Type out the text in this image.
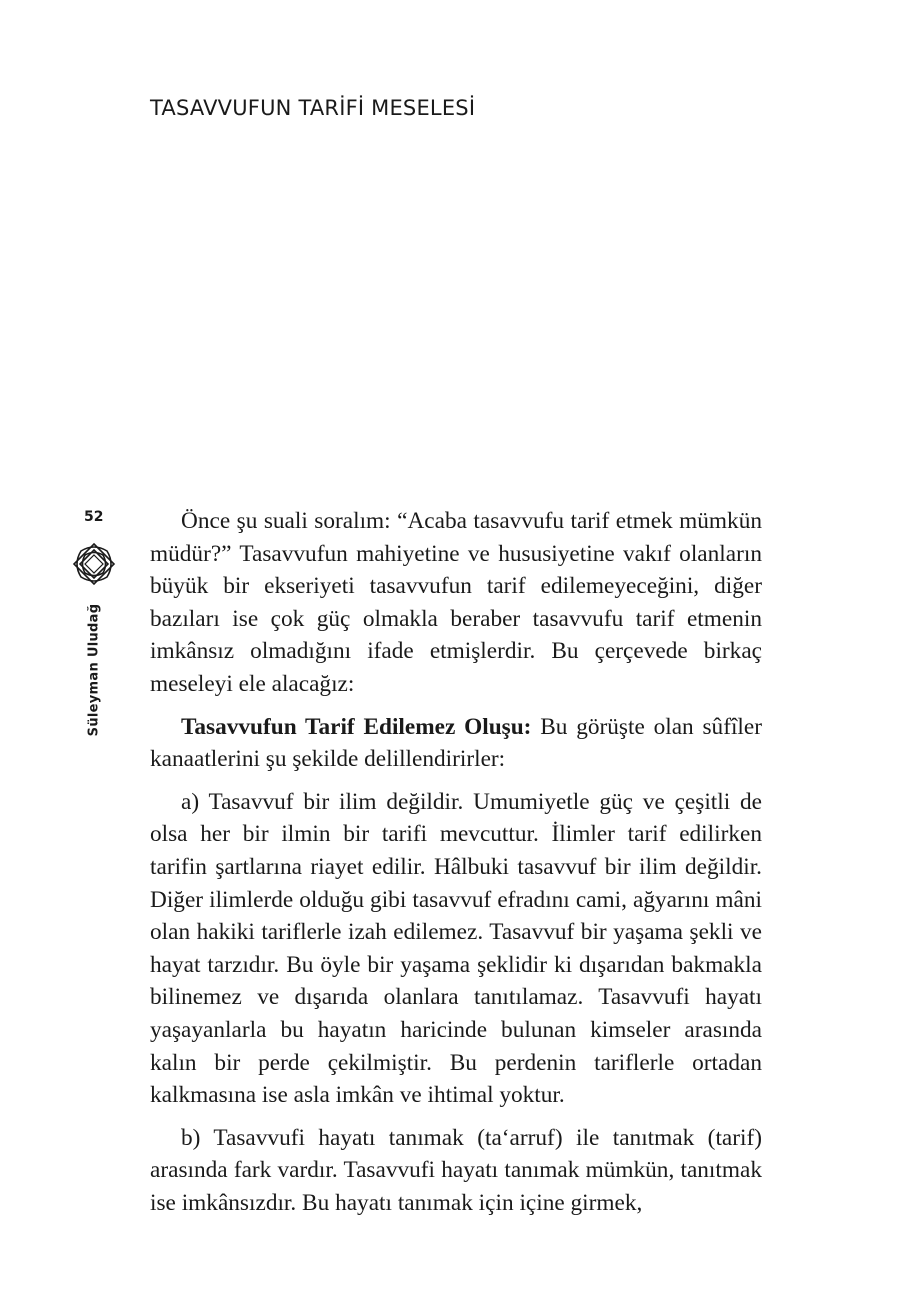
TASAVVUFUN TARİFİ MESELESİ
52
Süleyman Uludağ

Önce şu suali soralım: “Acaba tasavvufu tarif etmek mümkün müdür?” Tasavvufun mahiyetine ve hususiyetine vakıf olanların büyük bir ekseriyeti tasavvufun tarif edilemeyeceğini, diğer bazıları ise çok güç olmakla beraber tasavvufu tarif etmenin imkânsız olmadığını ifade etmişlerdir. Bu çerçevede birkaç meseleyi ele alacağız:

Tasavvufun Tarif Edilemez Oluşu: Bu görüşte olan sûfîler kanaatlerini şu şekilde delillendirirler:

a) Tasavvuf bir ilim değildir. Umumiyetle güç ve çeşitli de olsa her bir ilmin bir tarifi mevcuttur. İlimler tarif edilirken tarifin şartlarına riayet edilir. Hâlbuki tasavvuf bir ilim değildir. Diğer ilimlerde olduğu gibi tasavvuf efradını cami, ağyarını mâni olan hakiki tariflerle izah edilemez. Tasavvuf bir yaşama şekli ve hayat tarzıdır. Bu öyle bir yaşama şeklidir ki dışarıdan bakmakla bilinemez ve dışarıda olanlara tanıtılamaz. Tasavvufi hayatı yaşayanlarla bu hayatın haricinde bulunan kimseler arasında kalın bir perde çekilmiştir. Bu perdenin tariflerle ortadan kalkmasına ise asla imkân ve ihtimal yoktur.

b) Tasavvufi hayatı tanımak (ta‘arruf) ile tanıtmak (tarif) arasında fark vardır. Tasavvufi hayatı tanımak mümkün, tanıtmak ise imkânsızdır. Bu hayatı tanımak için içine girmek,
